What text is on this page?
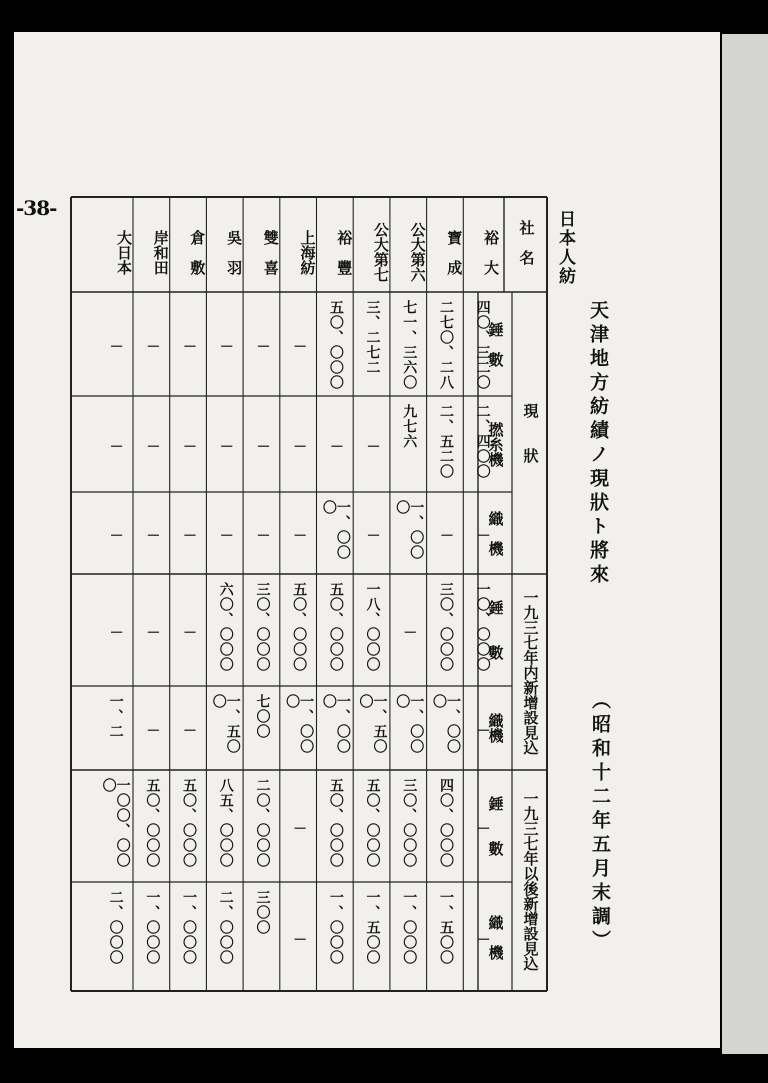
-38-
天津地方紡績ノ現狀ト將來
（昭和十二年五月末調）
日本人紡
社　名
現　　狀
一九三七年内新增設見込
一九三七年以後新增設見込
錘　數
撚糸機
織　機
錘　　數
織機
錘　　數
織　機
裕　大
四〇、三二〇
二、四〇〇
－
一〇、〇〇〇
－
－
－
寶　成
二七〇、二八
二、五二〇
－
三〇、〇〇〇
一、〇〇〇
四〇、〇〇〇
一、五〇〇
公大第六
七一、三六〇
九七六
一、〇〇〇
－
一、〇〇〇
三〇、〇〇〇
一、〇〇〇
公大第七
三、二七二
－
－
一八、〇〇〇
一、五〇〇
五〇、〇〇〇
一、五〇〇
裕　豐
五〇、〇〇〇
－
一、〇〇〇
五〇、〇〇〇
一、〇〇〇
五〇、〇〇〇
一、〇〇〇
上海紡
－
－
－
五〇、〇〇〇
一、〇〇〇
－
－
雙　喜
－
－
－
三〇、〇〇〇
七〇〇
二〇、〇〇〇
三〇〇
吳　羽
－
－
－
六〇、〇〇〇
一、五〇〇
八五、〇〇〇
二、〇〇〇
倉　敷
－
－
－
－
－
五〇、〇〇〇
一、〇〇〇
岸和田
－
－
－
－
－
五〇、〇〇〇
一、〇〇〇
大日本
－
－
－
－
一、二
一〇〇、〇〇〇
二、〇〇〇
